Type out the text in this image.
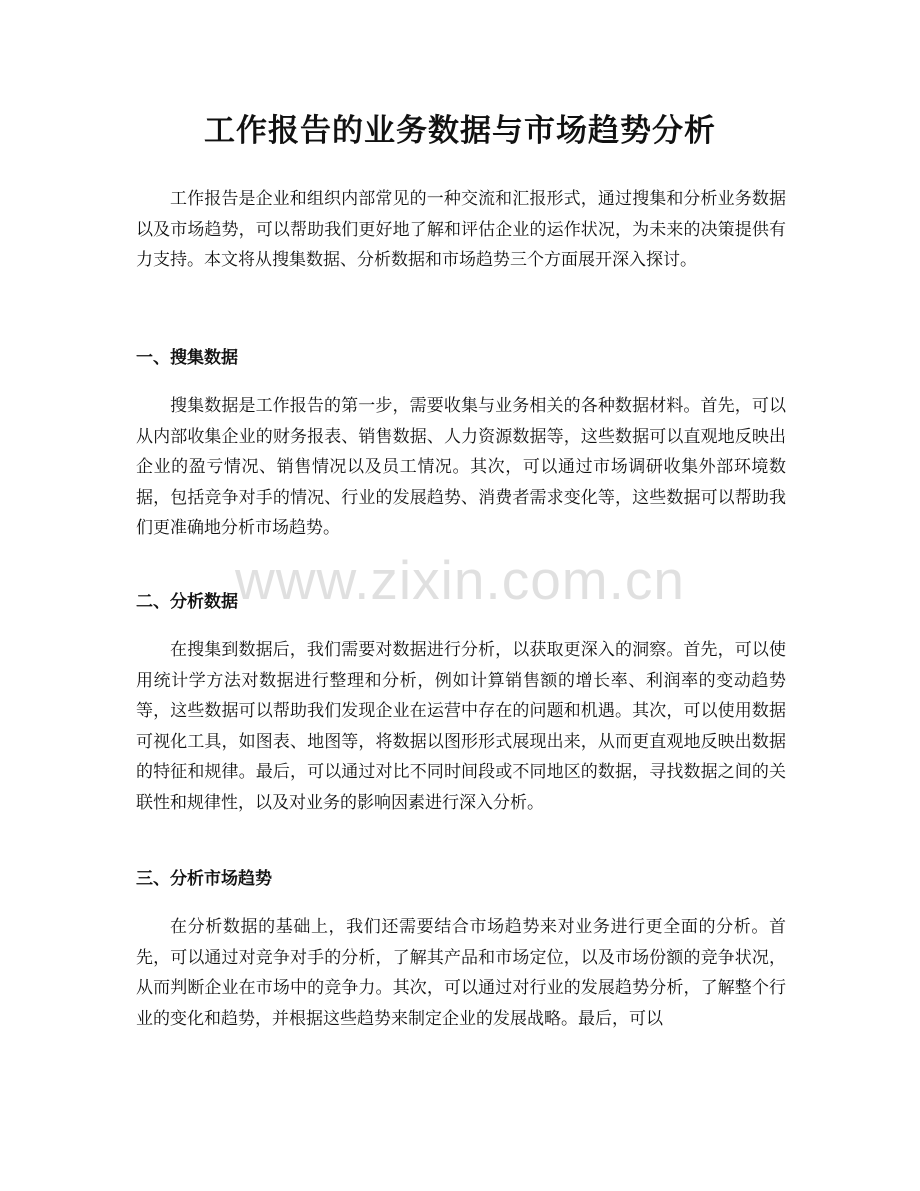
工作报告的业务数据与市场趋势分析

工作报告是企业和组织内部常见的一种交流和汇报形式，通过搜集和分析业务数据以及市场趋势，可以帮助我们更好地了解和评估企业的运作状况，为未来的决策提供有力支持。本文将从搜集数据、分析数据和市场趋势三个方面展开深入探讨。

一、搜集数据

搜集数据是工作报告的第一步，需要收集与业务相关的各种数据材料。首先，可以从内部收集企业的财务报表、销售数据、人力资源数据等，这些数据可以直观地反映出企业的盈亏情况、销售情况以及员工情况。其次，可以通过市场调研收集外部环境数据，包括竞争对手的情况、行业的发展趋势、消费者需求变化等，这些数据可以帮助我们更准确地分析市场趋势。

二、分析数据

在搜集到数据后，我们需要对数据进行分析，以获取更深入的洞察。首先，可以使用统计学方法对数据进行整理和分析，例如计算销售额的增长率、利润率的变动趋势等，这些数据可以帮助我们发现企业在运营中存在的问题和机遇。其次，可以使用数据可视化工具，如图表、地图等，将数据以图形形式展现出来，从而更直观地反映出数据的特征和规律。最后，可以通过对比不同时间段或不同地区的数据，寻找数据之间的关联性和规律性，以及对业务的影响因素进行深入分析。

三、分析市场趋势

在分析数据的基础上，我们还需要结合市场趋势来对业务进行更全面的分析。首先，可以通过对竞争对手的分析，了解其产品和市场定位，以及市场份额的竞争状况，从而判断企业在市场中的竞争力。其次，可以通过对行业的发展趋势分析，了解整个行业的变化和趋势，并根据这些趋势来制定企业的发展战略。最后，可以

www.zixin.com.cn
